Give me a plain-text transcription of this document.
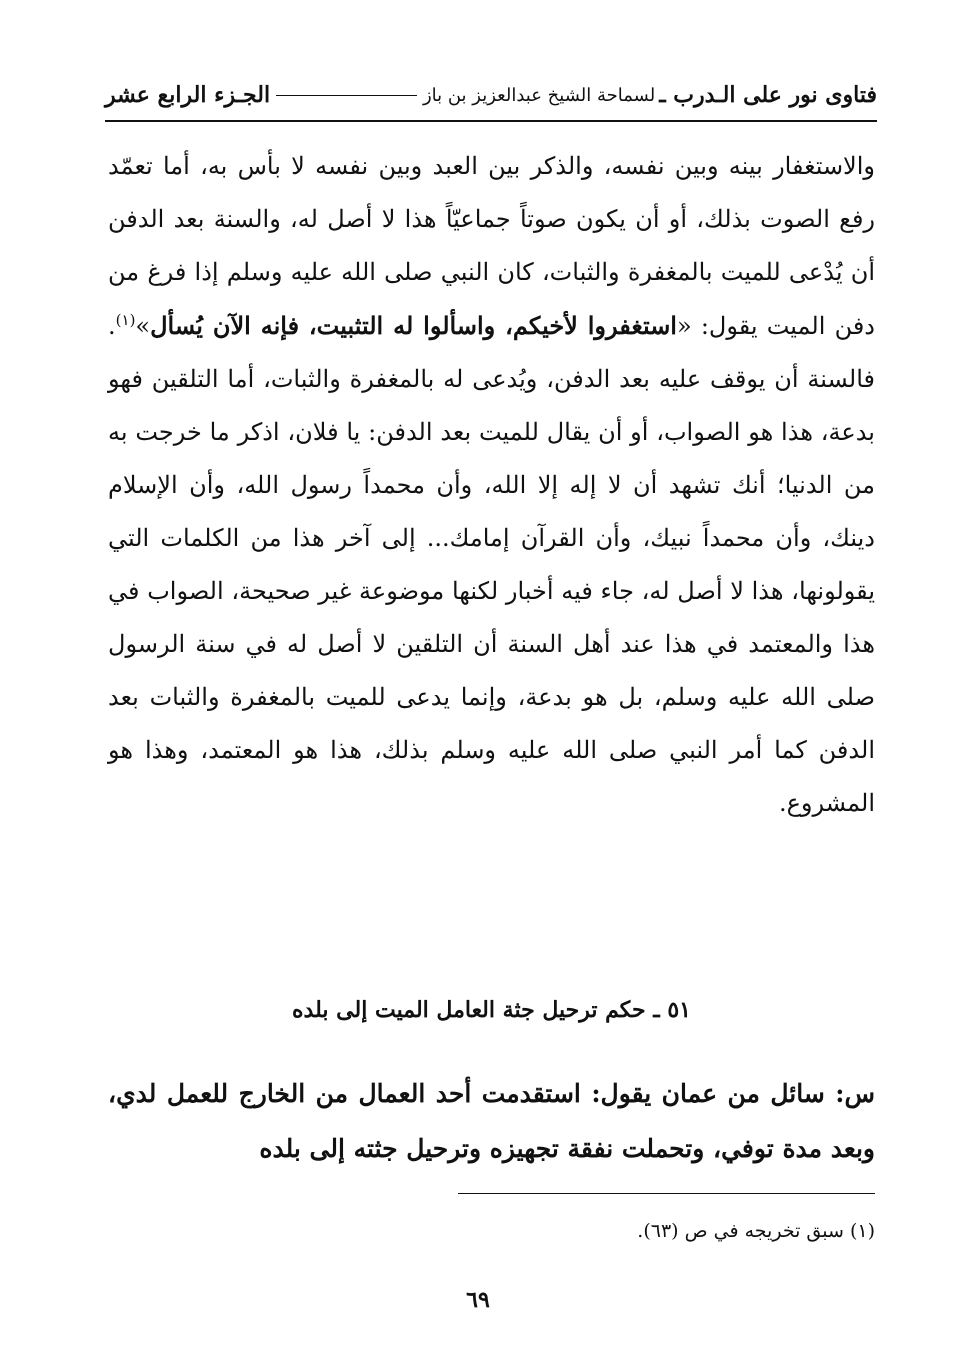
فتاوى نور على الـدرب ـ
لسماحة الشيخ عبدالعزيز بن باز
الجـزء الرابع عشر

والاستغفار بينه وبين نفسه، والذكر بين العبد وبين نفسه لا بأس به، أما تعمّد رفع الصوت بذلك، أو أن يكون صوتاً جماعيّاً هذا لا أصل له، والسنة بعد الدفن أن يُدْعى للميت بالمغفرة والثبات، كان النبي صلى الله عليه وسلم إذا فرغ من دفن الميت يقول: «استغفروا لأخيكم، واسألوا له التثبيت، فإنه الآن يُسأل»$^{(١)}$. فالسنة أن يوقف عليه بعد الدفن، ويُدعى له بالمغفرة والثبات، أما التلقين فهو بدعة، هذا هو الصواب، أو أن يقال للميت بعد الدفن: يا فلان، اذكر ما خرجت به من الدنيا؛ أنك تشهد أن لا إله إلا الله، وأن محمداً رسول الله، وأن الإسلام دينك، وأن محمداً نبيك، وأن القرآن إمامك... إلى آخر هذا من الكلمات التي يقولونها، هذا لا أصل له، جاء فيه أخبار لكنها موضوعة غير صحيحة، الصواب في هذا والمعتمد في هذا عند أهل السنة أن التلقين لا أصل له في سنة الرسول صلى الله عليه وسلم، بل هو بدعة، وإنما يدعى للميت بالمغفرة والثبات بعد الدفن كما أمر النبي صلى الله عليه وسلم بذلك، هذا هو المعتمد، وهذا هو المشروع.

٥١ ـ حكم ترحيل جثة العامل الميت إلى بلده

س: سائل من عمان يقول: استقدمت أحد العمال من الخارج للعمل لدي، وبعد مدة توفي، وتحملت نفقة تجهيزه وترحيل جثته إلى بلده

(١) سبق تخريجه في ص (٦٣).

٦٩
